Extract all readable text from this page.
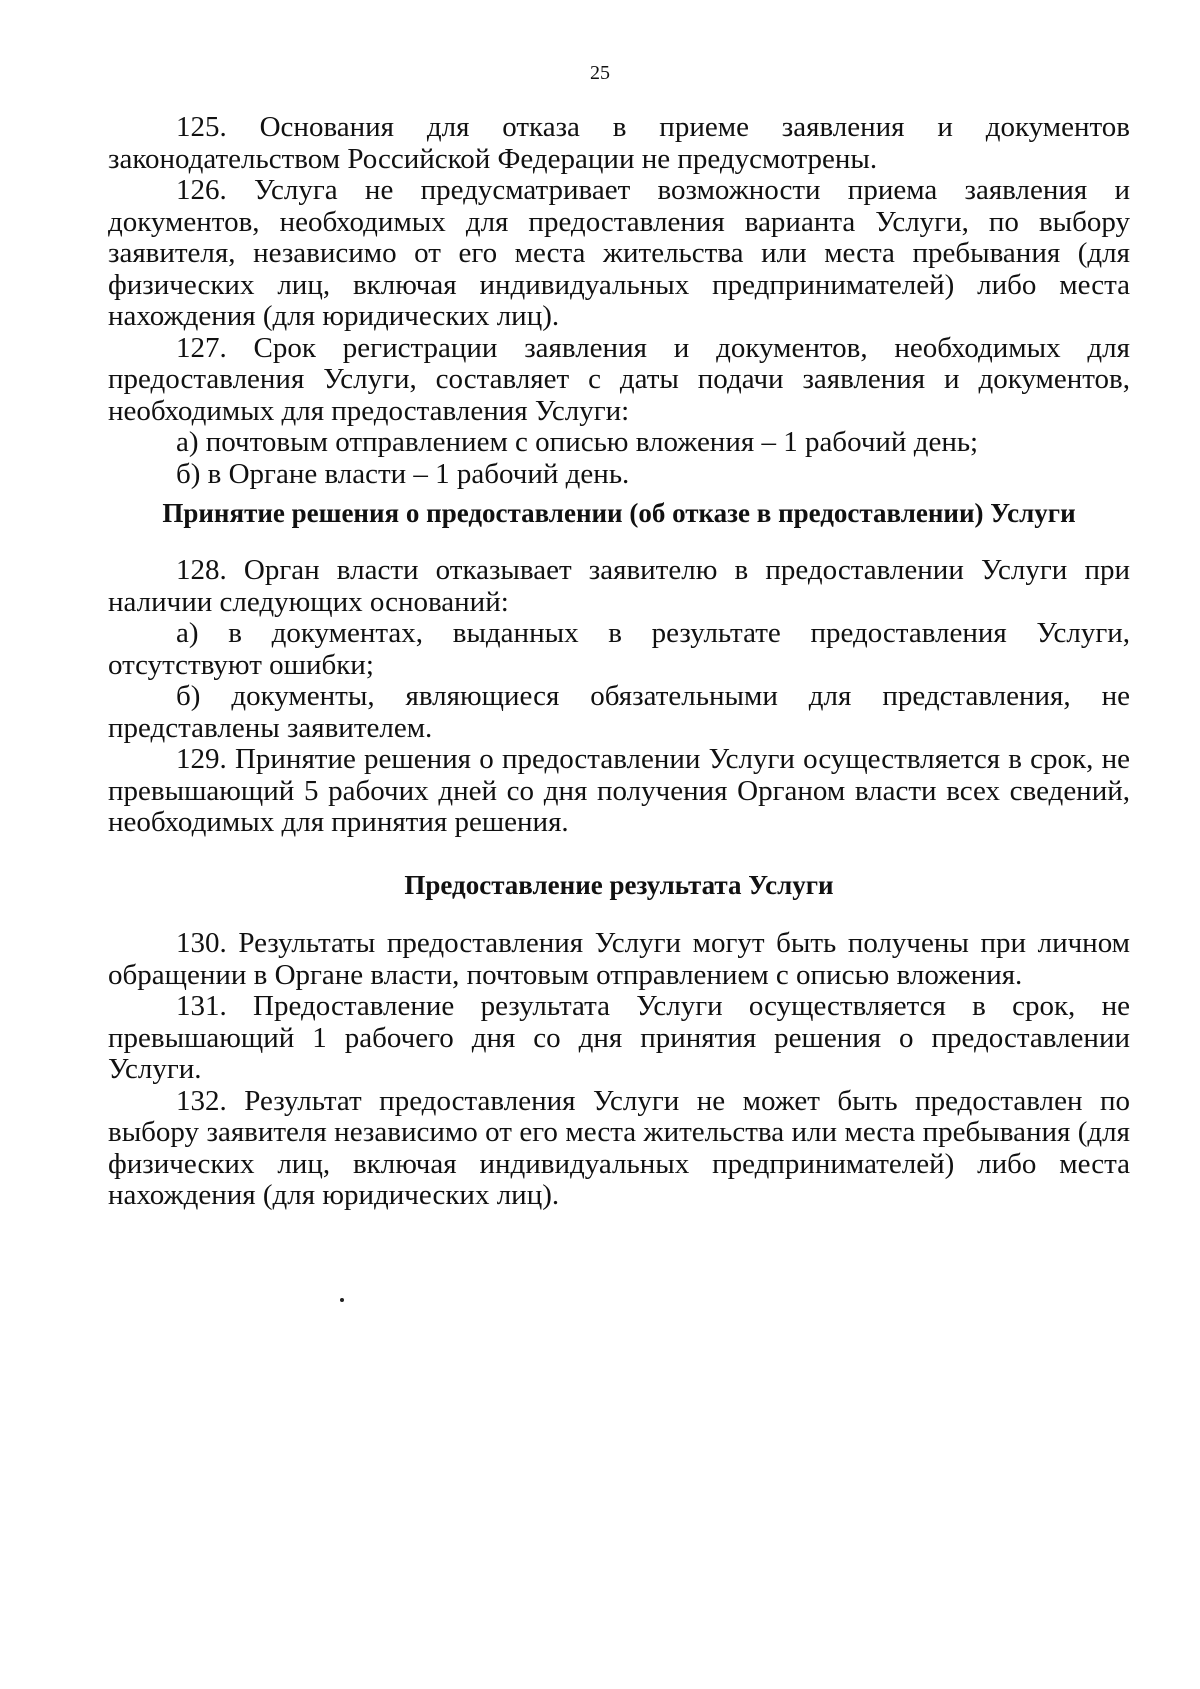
25

125. Основания для отказа в приеме заявления и документов законодательством Российской Федерации не предусмотрены.

126. Услуга не предусматривает возможности приема заявления и документов, необходимых для предоставления варианта Услуги, по выбору заявителя, независимо от его места жительства или места пребывания (для физических лиц, включая индивидуальных предпринимателей) либо места нахождения (для юридических лиц).

127. Срок регистрации заявления и документов, необходимых для предоставления Услуги, составляет с даты подачи заявления и документов, необходимых для предоставления Услуги:

а) почтовым отправлением с описью вложения – 1 рабочий день;

б) в Органе власти – 1 рабочий день.

Принятие решения о предоставлении (об отказе в предоставлении) Услуги

128. Орган власти отказывает заявителю в предоставлении Услуги при наличии следующих оснований:

а) в документах, выданных в результате предоставления Услуги, отсутствуют ошибки;

б) документы, являющиеся обязательными для представления, не представлены заявителем.

129. Принятие решения о предоставлении Услуги осуществляется в срок, не превышающий 5 рабочих дней со дня получения Органом власти всех сведений, необходимых для принятия решения.

Предоставление результата Услуги

130. Результаты предоставления Услуги могут быть получены при личном обращении в Органе власти, почтовым отправлением с описью вложения.

131. Предоставление результата Услуги осуществляется в срок, не превышающий 1 рабочего дня со дня принятия решения о предоставлении Услуги.

132. Результат предоставления Услуги не может быть предоставлен по выбору заявителя независимо от его места жительства или места пребывания (для физических лиц, включая индивидуальных предпринимателей) либо места нахождения (для юридических лиц).
